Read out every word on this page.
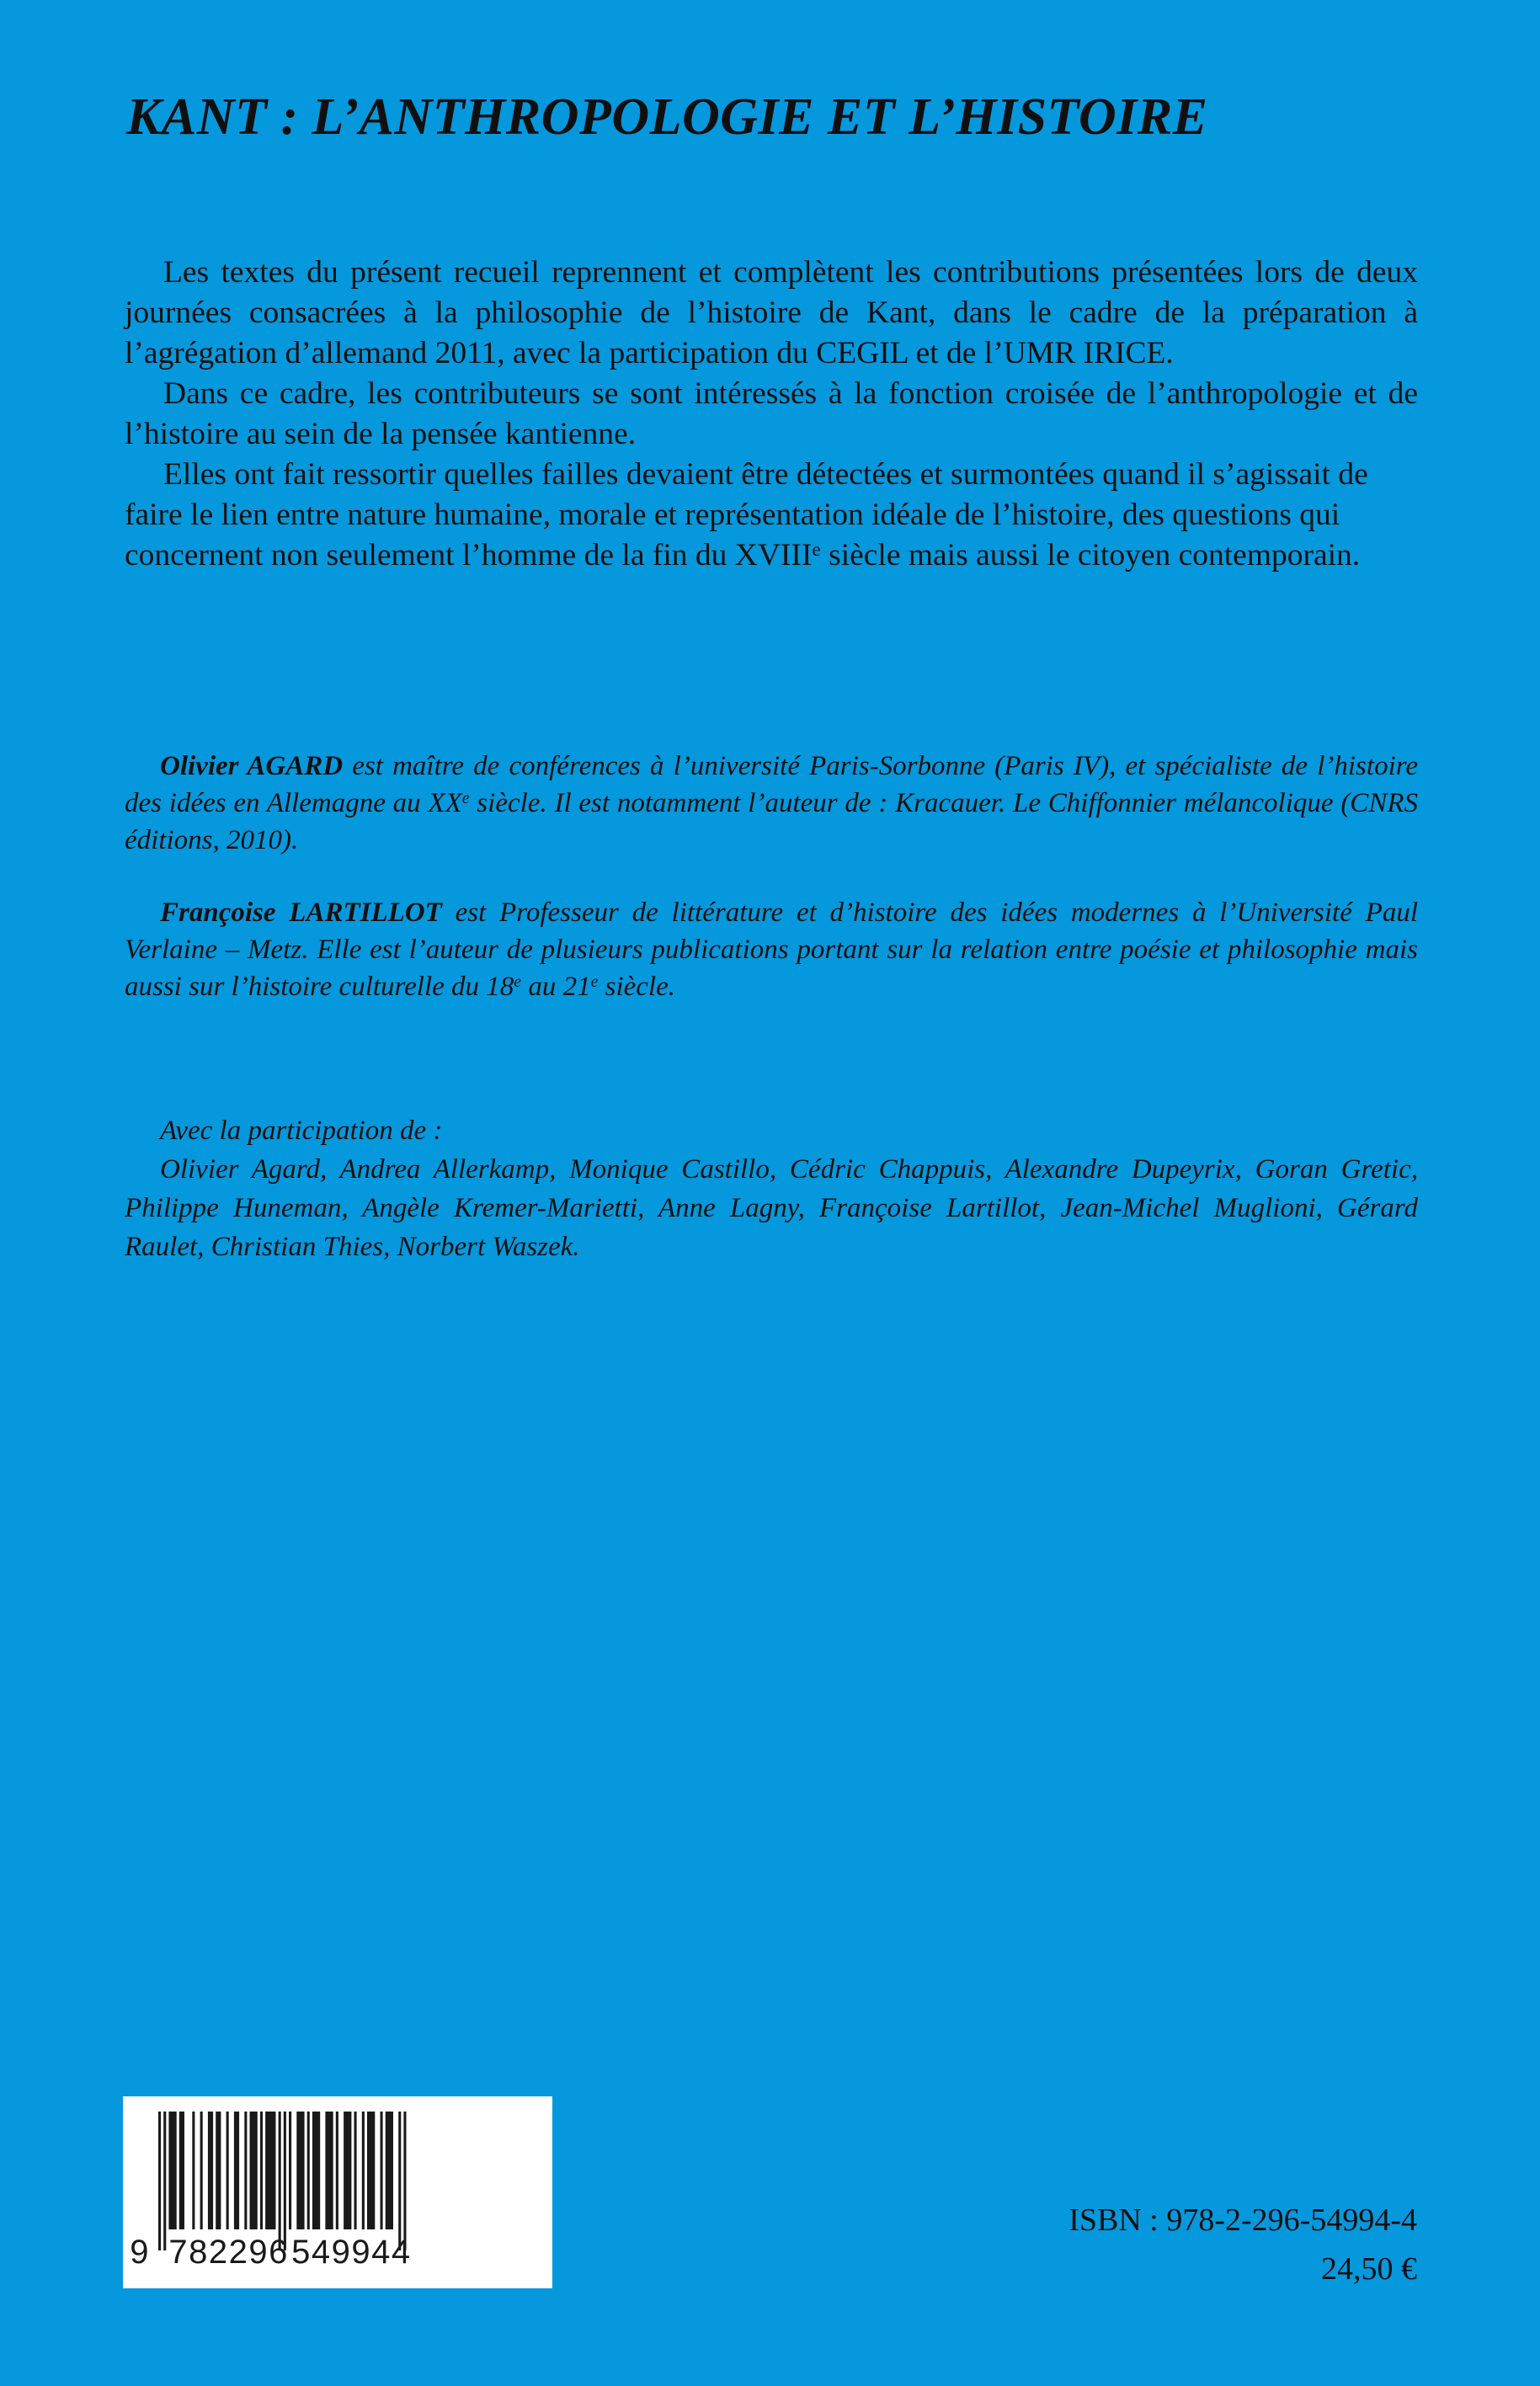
KANT : L’ANTHROPOLOGIE ET L’HISTOIRE

Les textes du présent recueil reprennent et complètent les contributions présentées lors de deux journées consacrées à la philosophie de l’histoire de Kant, dans le cadre de la préparation à l’agrégation d’allemand 2011, avec la participation du CEGIL et de l’UMR IRICE.

Dans ce cadre, les contributeurs se sont intéressés à la fonction croisée de l’anthropologie et de l’histoire au sein de la pensée kantienne.

Elles ont fait ressortir quelles failles devaient être détectées et surmontées quand il s’agissait de faire le lien entre nature humaine, morale et représentation idéale de l’histoire, des questions qui concernent non seulement l’homme de la fin du XVIIIe siècle mais aussi le citoyen contemporain.

Olivier AGARD est maître de conférences à l’université Paris-Sorbonne (Paris IV), et spécialiste de l’histoire des idées en Allemagne au XXe siècle. Il est notamment l’auteur de : Kracauer. Le Chiffonnier mélancolique (CNRS éditions, 2010).

Françoise LARTILLOT est Professeur de littérature et d’histoire des idées modernes à l’Université Paul Verlaine – Metz. Elle est l’auteur de plusieurs publications portant sur la relation entre poésie et philosophie mais aussi sur l’histoire culturelle du 18e au 21e siècle.

Avec la participation de :

Olivier Agard, Andrea Allerkamp, Monique Castillo, Cédric Chappuis, Alexandre Dupeyrix, Goran Gretic, Philippe Huneman, Angèle Kremer-Marietti, Anne Lagny, Françoise Lartillot, Jean-Michel Muglioni, Gérard Raulet, Christian Thies, Norbert Waszek.

9 782296 549944
ISBN : 978-2-296-54994-4
24,50 €
